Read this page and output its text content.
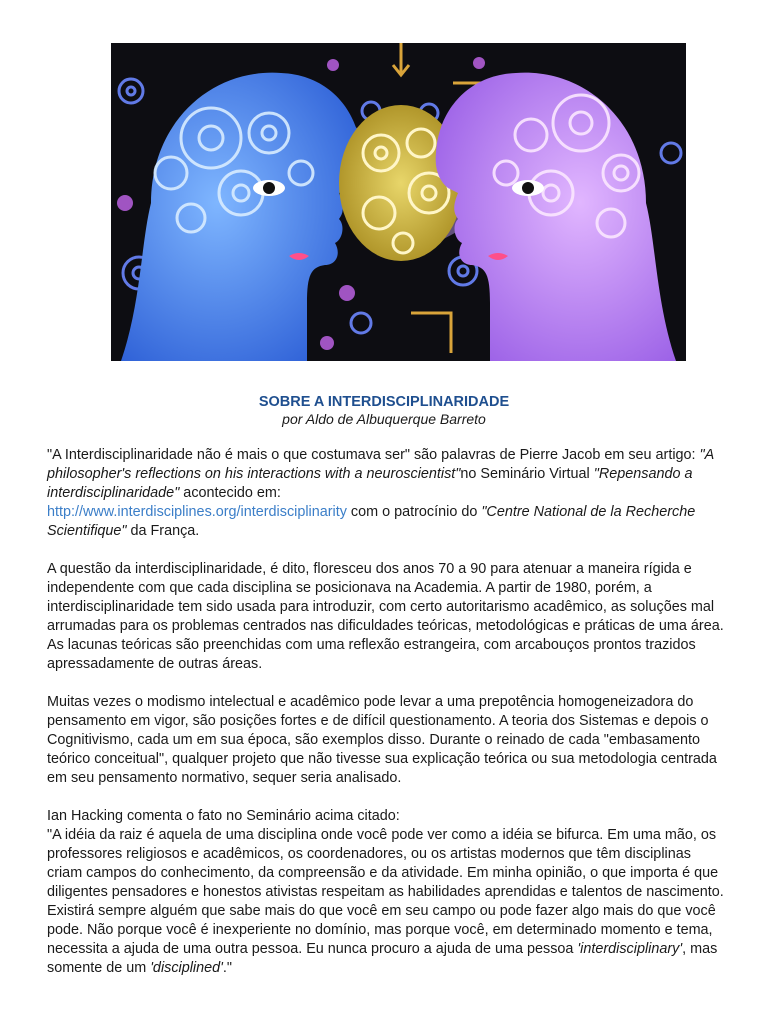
SOBRE A INTERDISCIPLINARIDADE
por Aldo de Albuquerque Barreto

"A Interdisciplinaridade não é mais o que costumava ser" são palavras de Pierre Jacob em seu artigo: "A philosopher's reflections on his interactions with a neuroscientist"no Seminário Virtual "Repensando a interdisciplinaridade" acontecido em:
http://www.interdisciplines.org/interdisciplinarity com o patrocínio do "Centre National de la Recherche Scientifique" da França.

A questão da interdisciplinaridade, é dito, floresceu dos anos 70 a 90 para atenuar a maneira rígida e independente com que cada disciplina se posicionava na Academia. A partir de 1980, porém, a interdisciplinaridade tem sido usada para introduzir, com certo autoritarismo acadêmico, as soluções mal arrumadas para os problemas centrados nas dificuldades teóricas, metodológicas e práticas de uma área. As lacunas teóricas são preenchidas com uma reflexão estrangeira, com arcabouços prontos trazidos apressadamente de outras áreas.

Muitas vezes o modismo intelectual e acadêmico pode levar a uma prepotência homogeneizadora do pensamento em vigor, são posições fortes e de difícil questionamento. A teoria dos Sistemas e depois o Cognitivismo, cada um em sua época, são exemplos disso. Durante o reinado de cada "embasamento teórico conceitual", qualquer projeto que não tivesse sua explicação teórica ou sua metodologia centrada em seu pensamento normativo, sequer seria analisado.

Ian Hacking comenta o fato no Seminário acima citado:
"A idéia da raiz é aquela de uma disciplina onde você pode ver como a idéia se bifurca. Em uma mão, os professores religiosos e acadêmicos, os coordenadores, ou os artistas modernos que têm disciplinas criam campos do conhecimento, da compreensão e da atividade. Em minha opinião, o que importa é que diligentes pensadores e honestos ativistas respeitam as habilidades aprendidas e talentos de nascimento. Existirá sempre alguém que sabe mais do que você em seu campo ou pode fazer algo mais do que você pode. Não porque você é inexperiente no domínio, mas porque você, em determinado momento e tema, necessita a ajuda de uma outra pessoa. Eu nunca procuro a ajuda de uma pessoa 'interdisciplinary', mas somente de um 'disciplined'."
